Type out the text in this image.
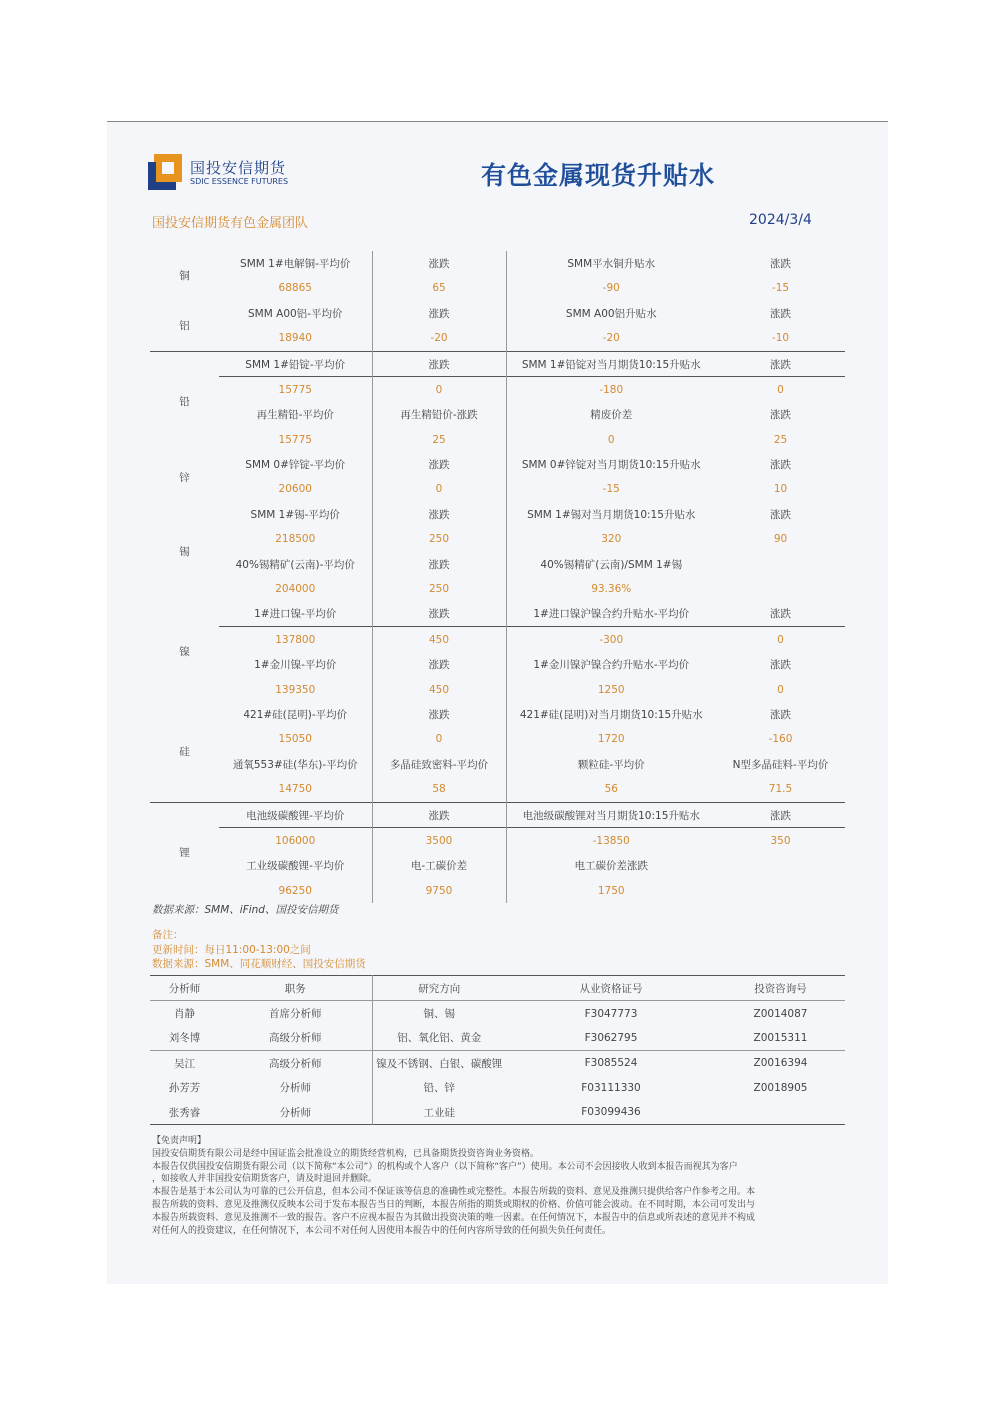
国投安信期货
SDIC ESSENCE FUTURES	有色金属现货升贴水
国投安信期货有色金属团队	2024/3/4
铜	SMM 1#电解铜-平均价	涨跌	SMM平水铜升贴水	涨跌
	68865	65	-90	-15
铝	SMM A00铝-平均价	涨跌	SMM A00铝升贴水	涨跌
	18940	-20	-20	-10
铅	SMM 1#铅锭-平均价	涨跌	SMM 1#铅锭对当月期货10:15升贴水	涨跌
	15775	0	-180	0
	再生精铅-平均价	再生精铅价-涨跌	精废价差	涨跌
	15775	25	0	25
锌	SMM 0#锌锭-平均价	涨跌	SMM 0#锌锭对当月期货10:15升贴水	涨跌
	20600	0	-15	10
锡	SMM 1#锡-平均价	涨跌	SMM 1#锡对当月期货10:15升贴水	涨跌
	218500	250	320	90
	40%锡精矿(云南)-平均价	涨跌	40%锡精矿(云南)/SMM 1#锡	
	204000	250	93.36%	
镍	1#进口镍-平均价	涨跌	1#进口镍沪镍合约升贴水-平均价	涨跌
	137800	450	-300	0
	1#金川镍-平均价	涨跌	1#金川镍沪镍合约升贴水-平均价	涨跌
	139350	450	1250	0
硅	421#硅(昆明)-平均价	涨跌	421#硅(昆明)对当月期货10:15升贴水	涨跌
	15050	0	1720	-160
	通氧553#硅(华东)-平均价	多晶硅致密料-平均价	颗粒硅-平均价	N型多晶硅料-平均价
	14750	58	56	71.5
锂	电池级碳酸锂-平均价	涨跌	电池级碳酸锂对当月期货10:15升贴水	涨跌
	106000	3500	-13850	350
	工业级碳酸锂-平均价	电-工碳价差	电工碳价差涨跌	
	96250	9750	1750	
数据来源：SMM、iFind、国投安信期货
备注：
更新时间：每日11:00-13:00之间
数据来源：SMM、同花顺财经、国投安信期货
分析师	职务	研究方向	从业资格证号	投资咨询号
肖静	首席分析师	铜、锡	F3047773	Z0014087
刘冬博	高级分析师	铝、氧化铝、黄金	F3062795	Z0015311
吴江	高级分析师	镍及不锈钢、白银、碳酸锂	F3085524	Z0016394
孙芳芳	分析师	铅、锌	F03111330	Z0018905
张秀睿	分析师	工业硅	F03099436	

【免责声明】

国投安信期货有限公司是经中国证监会批准设立的期货经营机构，已具备期货投资咨询业务资格。

本报告仅供国投安信期货有限公司（以下简称“本公司”）的机构或个人客户（以下简称“客户”）使用。本公司不会因接收人收到本报告而视其为客户

，如接收人并非国投安信期货客户，请及时退回并删除。

本报告是基于本公司认为可靠的已公开信息，但本公司不保证该等信息的准确性或完整性。本报告所载的资料、意见及推测只提供给客户作参考之用。本

报告所载的资料、意见及推测仅反映本公司于发布本报告当日的判断，本报告所指的期货或期权的价格、价值可能会波动。在不同时期，本公司可发出与

本报告所载资料、意见及推测不一致的报告。客户不应视本报告为其做出投资决策的唯一因素。在任何情况下，本报告中的信息或所表述的意见并不构成

对任何人的投资建议，在任何情况下，本公司不对任何人因使用本报告中的任何内容所导致的任何损失负任何责任。
